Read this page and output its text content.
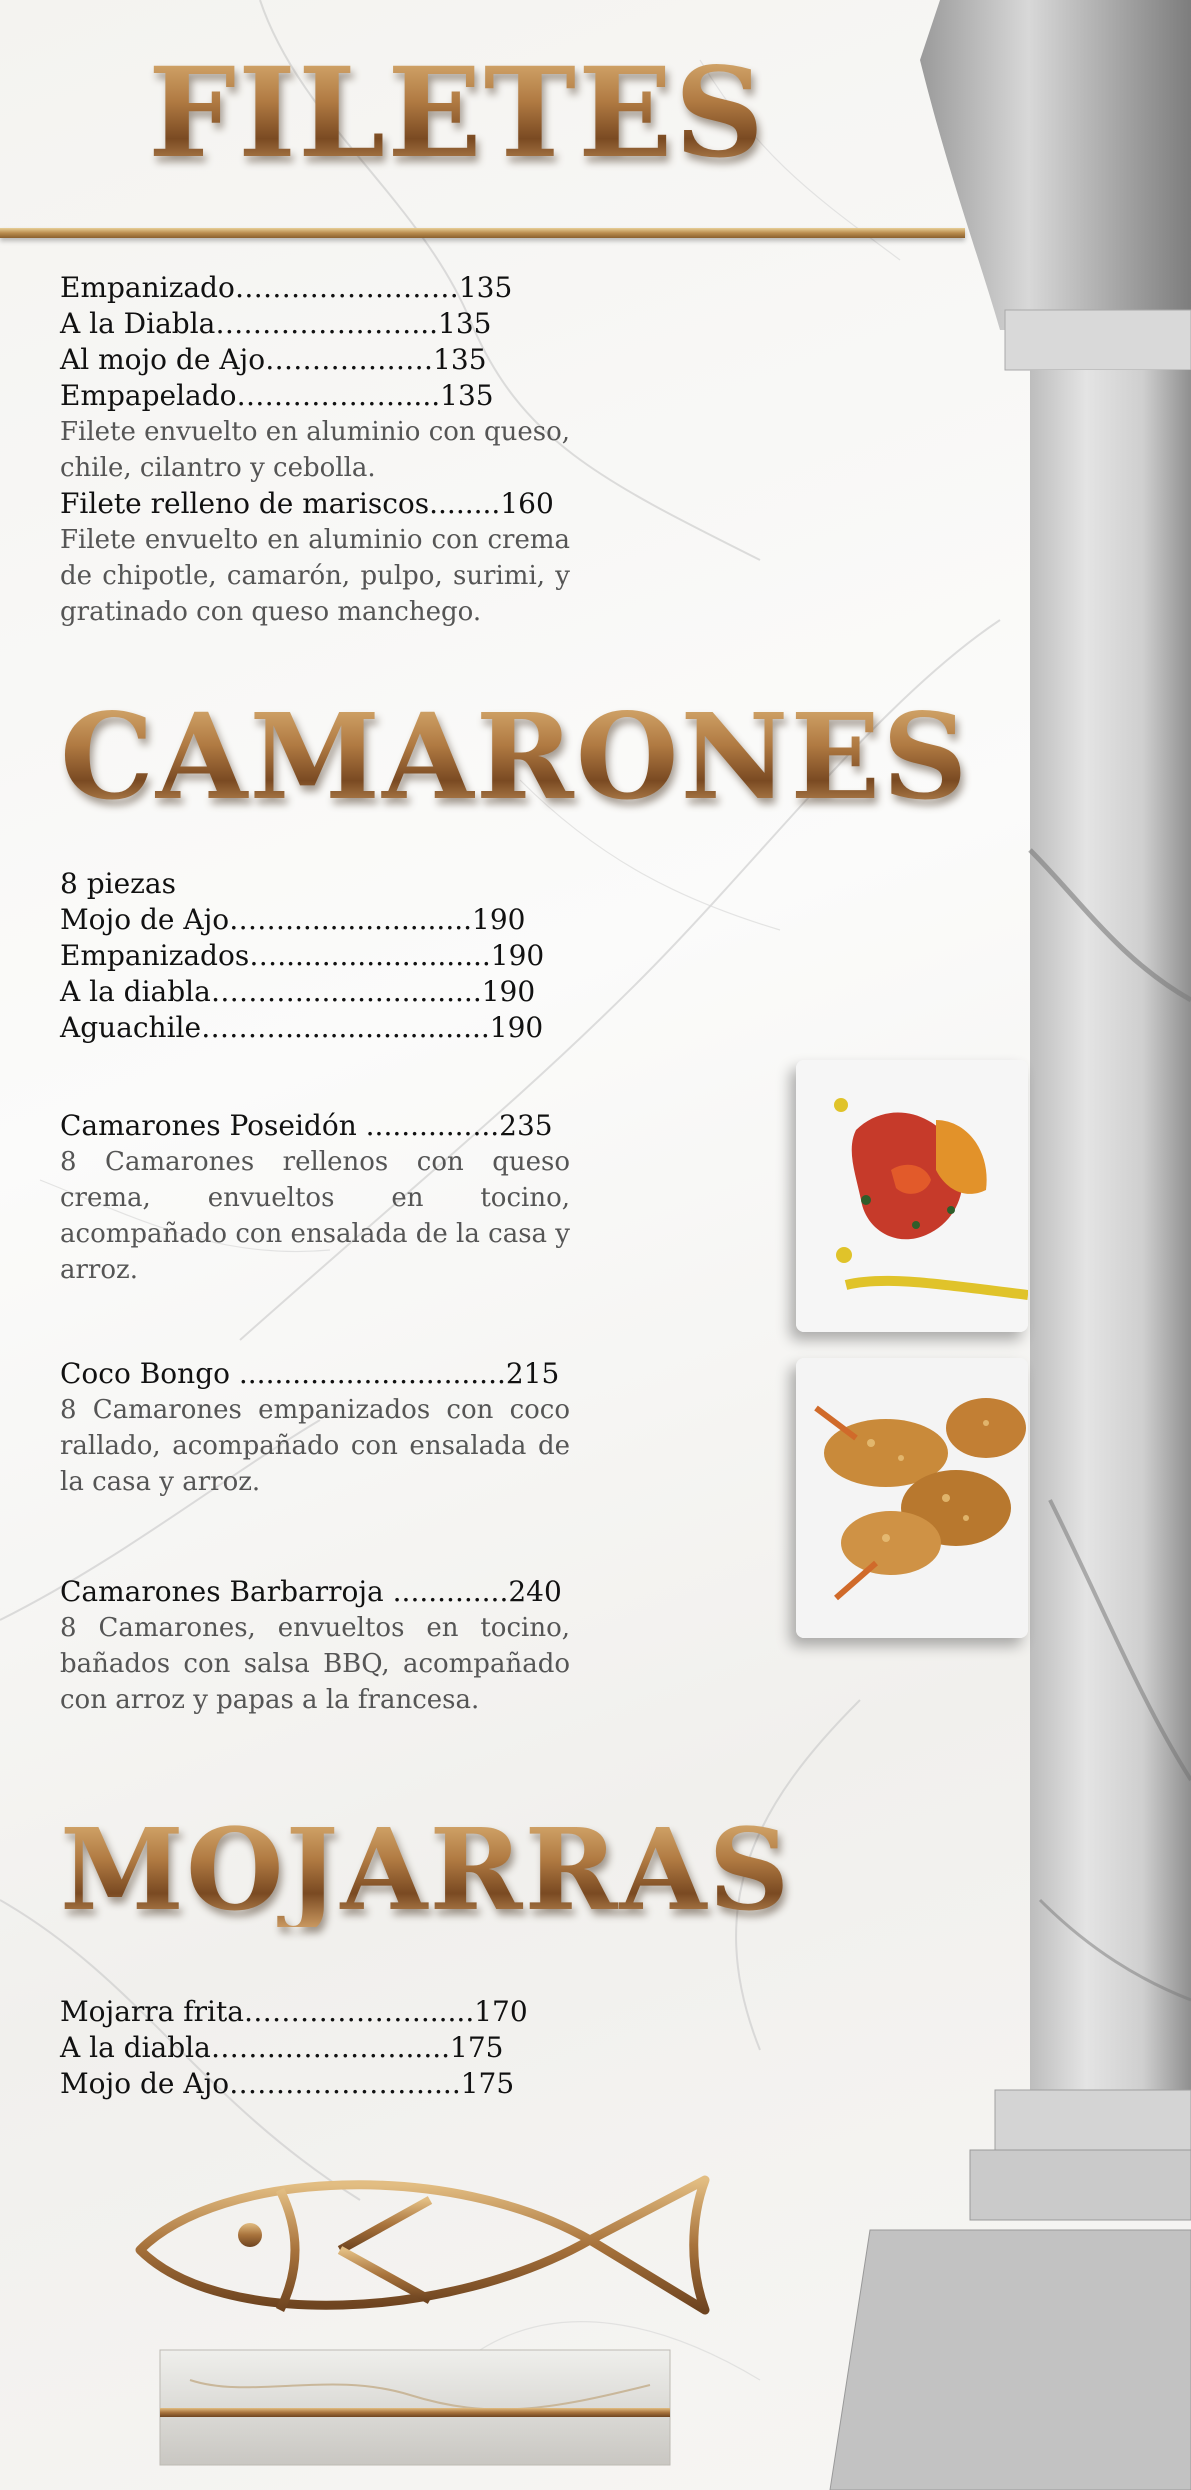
FILETES
Empanizado……………………135
A la Diabla…………………...135
Al mojo de Ajo………………135
Empapelado………………....135
Filete envuelto en aluminio con queso, chile, cilantro y cebolla.
Filete relleno de mariscos........160
Filete envuelto en aluminio con crema de chipotle, camarón, pulpo, surimi, y gratinado con queso manchego.
CAMARONES
8 piezas
Mojo de Ajo…….....................190
Empanizados…........................190
A la diabla……….....................190
Aguachile……….......................190
Camarones Poseidón ...............235
8 Camarones rellenos con queso crema, envueltos en tocino, acompañado con ensalada de la casa y arroz.
Coco Bongo ..............................215
8 Camarones empanizados con coco rallado, acompañado con ensalada de la casa y arroz.
Camarones Barbarroja .............240
8 Camarones, envueltos en tocino, bañados con salsa BBQ, acompañado con arroz y papas a la francesa.
MOJARRAS
Mojarra frita……………….......170
A la diabla……..…………......175
Mojo de Ajo…………………....175
